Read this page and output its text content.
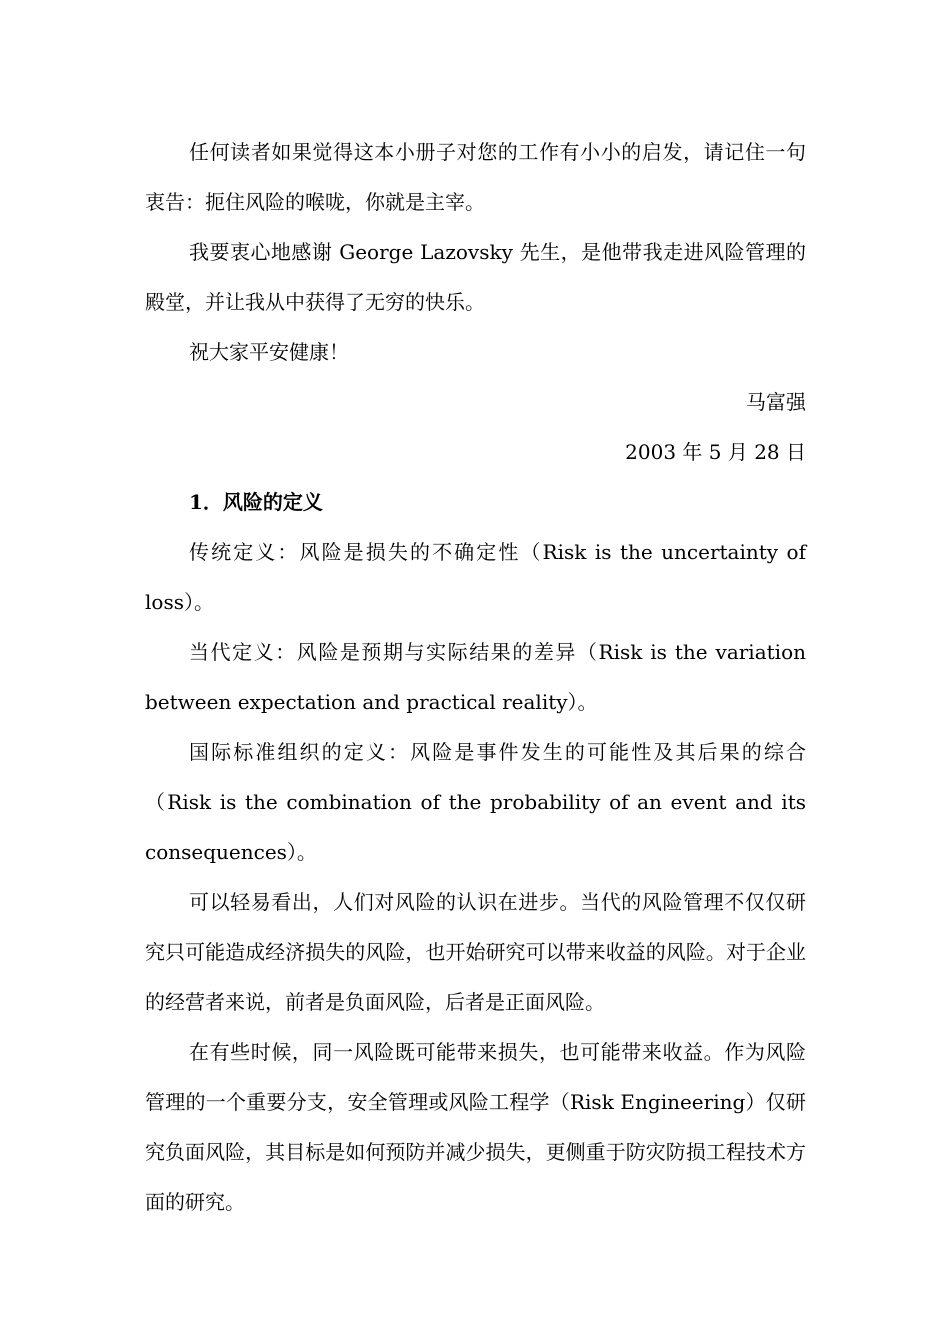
任何读者如果觉得这本小册子对您的工作有小小的启发，请记住一句衷告：扼住风险的喉咙，你就是主宰。

我要衷心地感谢 George Lazovsky 先生，是他带我走进风险管理的殿堂，并让我从中获得了无穷的快乐。

祝大家平安健康！

马富强

2003 年 5 月 28 日

1．风险的定义

传统定义：风险是损失的不确定性（Risk is the uncertainty of loss）。

当代定义：风险是预期与实际结果的差异（Risk is the variation between expectation and practical reality）。

国际标准组织的定义：风险是事件发生的可能性及其后果的综合（Risk is the combination of the probability of an event and its consequences）。

可以轻易看出，人们对风险的认识在进步。当代的风险管理不仅仅研究只可能造成经济损失的风险，也开始研究可以带来收益的风险。对于企业的经营者来说，前者是负面风险，后者是正面风险。

在有些时候，同一风险既可能带来损失，也可能带来收益。作为风险管理的一个重要分支，安全管理或风险工程学（Risk Engineering）仅研究负面风险，其目标是如何预防并减少损失，更侧重于防灾防损工程技术方面的研究。
